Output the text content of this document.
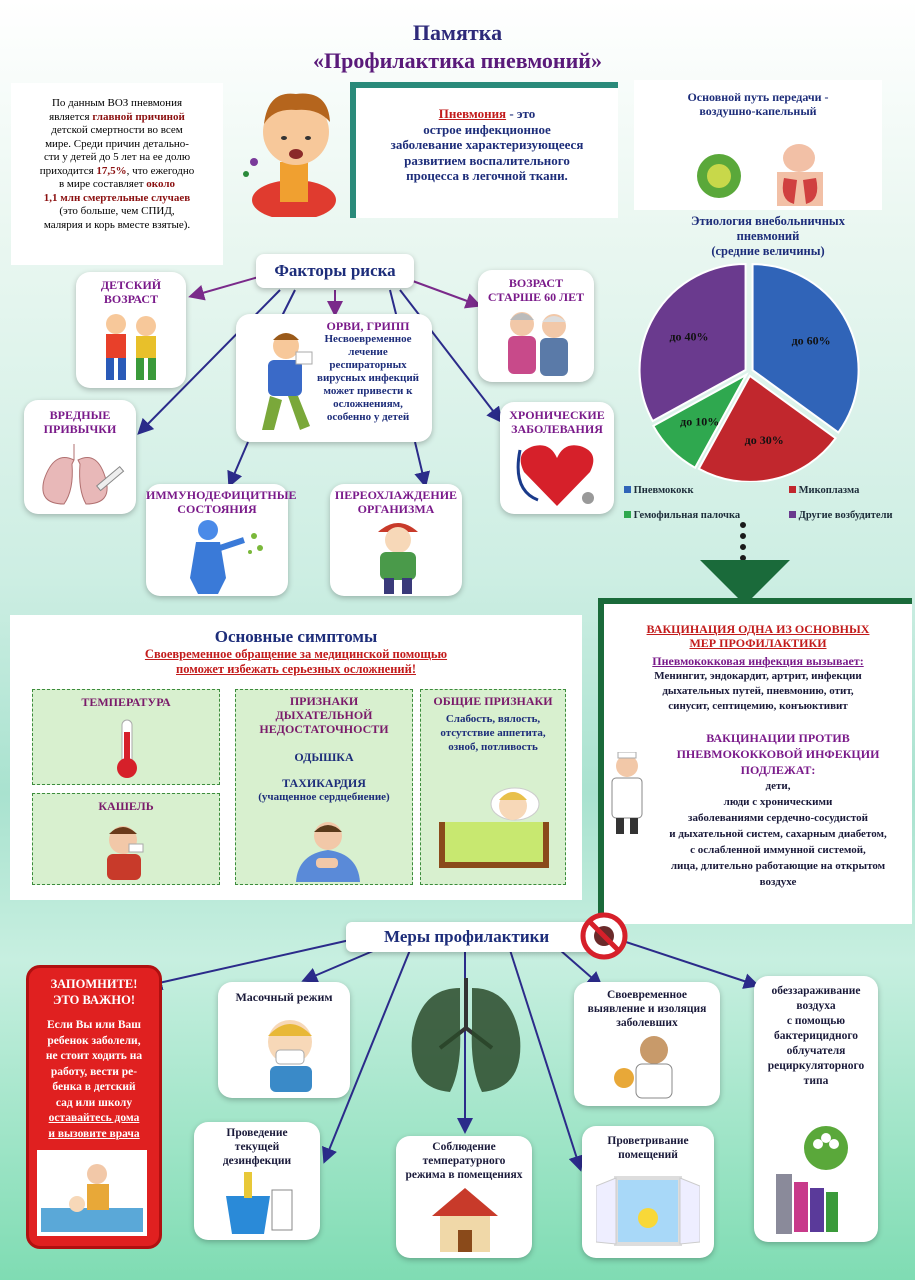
Памятка
«Профилактика пневмоний»
По данным ВОЗ пневмония
является главной причиной
детской смертности во всем
мире. Среди причин детально-
сти у детей до 5 лет на ее долю
приходится 17,5%, что ежегодно
в мире составляет около
1,1 млн смертельные случаев
(это больше, чем СПИД,
малярия и корь вместе взятые).
Пневмония - это
острое инфекционное
заболевание характеризующееся
развитием воспалительного
процесса в легочной ткани.
Основной путь передачи -
воздушно-капельный
Этиология внебольничных
пневмоний
(средние величины)
до 60%
до 30%
до 10%
до 40%
Пневмококк	Микоплазма
Гемофильная палочка	Другие возбудители
Факторы риска
ДЕТСКИЙ
ВОЗРАСТ
ВОЗРАСТ
СТАРШЕ 60 ЛЕТ
ОРВИ, ГРИПП
Несвоевременное
лечение
респираторных
вирусных инфекций
может привести к
осложнениям,
особенно у детей
ВРЕДНЫЕ
ПРИВЫЧКИ
ХРОНИЧЕСКИЕ
ЗАБОЛЕВАНИЯ
ИММУНОДЕФИЦИТНЫЕ
СОСТОЯНИЯ
ПЕРЕОХЛАЖДЕНИЕ
ОРГАНИЗМА
Основные симптомы
Своевременное обращение за медицинской помощью
поможет избежать серьезных осложнений!
ТЕМПЕРАТУРА
КАШЕЛЬ
ПРИЗНАКИ
ДЫХАТЕЛЬНОЙ
НЕДОСТАТОЧНОСТИ
ОДЫШКА
ТАХИКАРДИЯ
(учащенное сердцебиение)
ОБЩИЕ ПРИЗНАКИ
Слабость, вялость,
отсутствие аппетита,
озноб, потливость
ВАКЦИНАЦИЯ ОДНА ИЗ ОСНОВНЫХ
МЕР ПРОФИЛАКТИКИ
Пневмококковая инфекция вызывает:
Менингит, эндокардит, артрит, инфекции
дыхательных путей, пневмонию, отит,
синусит, септицемию, конъюктивит
ВАКЦИНАЦИИ ПРОТИВ
ПНЕВМОКОККОВОЙ ИНФЕКЦИИ
ПОДЛЕЖАТ:
дети,
люди с хроническими
заболеваниями сердечно-сосудистой
и дыхательной систем, сахарным диабетом,
с ослабленной иммунной системой,
лица, длительно работающие на открытом
воздухе
Меры профилактики
ЗАПОМНИТЕ!
ЭТО ВАЖНО!
Если Вы или Ваш
ребенок заболели,
не стоит ходить на
работу, вести ре-
бенка в детский
сад или школу
оставайтесь дома
и вызовите врача
Масочный режим
Проведение
текущей
дезинфекции
Соблюдение
температурного
режима в помещениях
Своевременное
выявление и изоляция
заболевших
Проветривание
помещений
обеззараживание
воздуха
с помощью
бактерицидного
облучателя
рециркуляторного
типа
